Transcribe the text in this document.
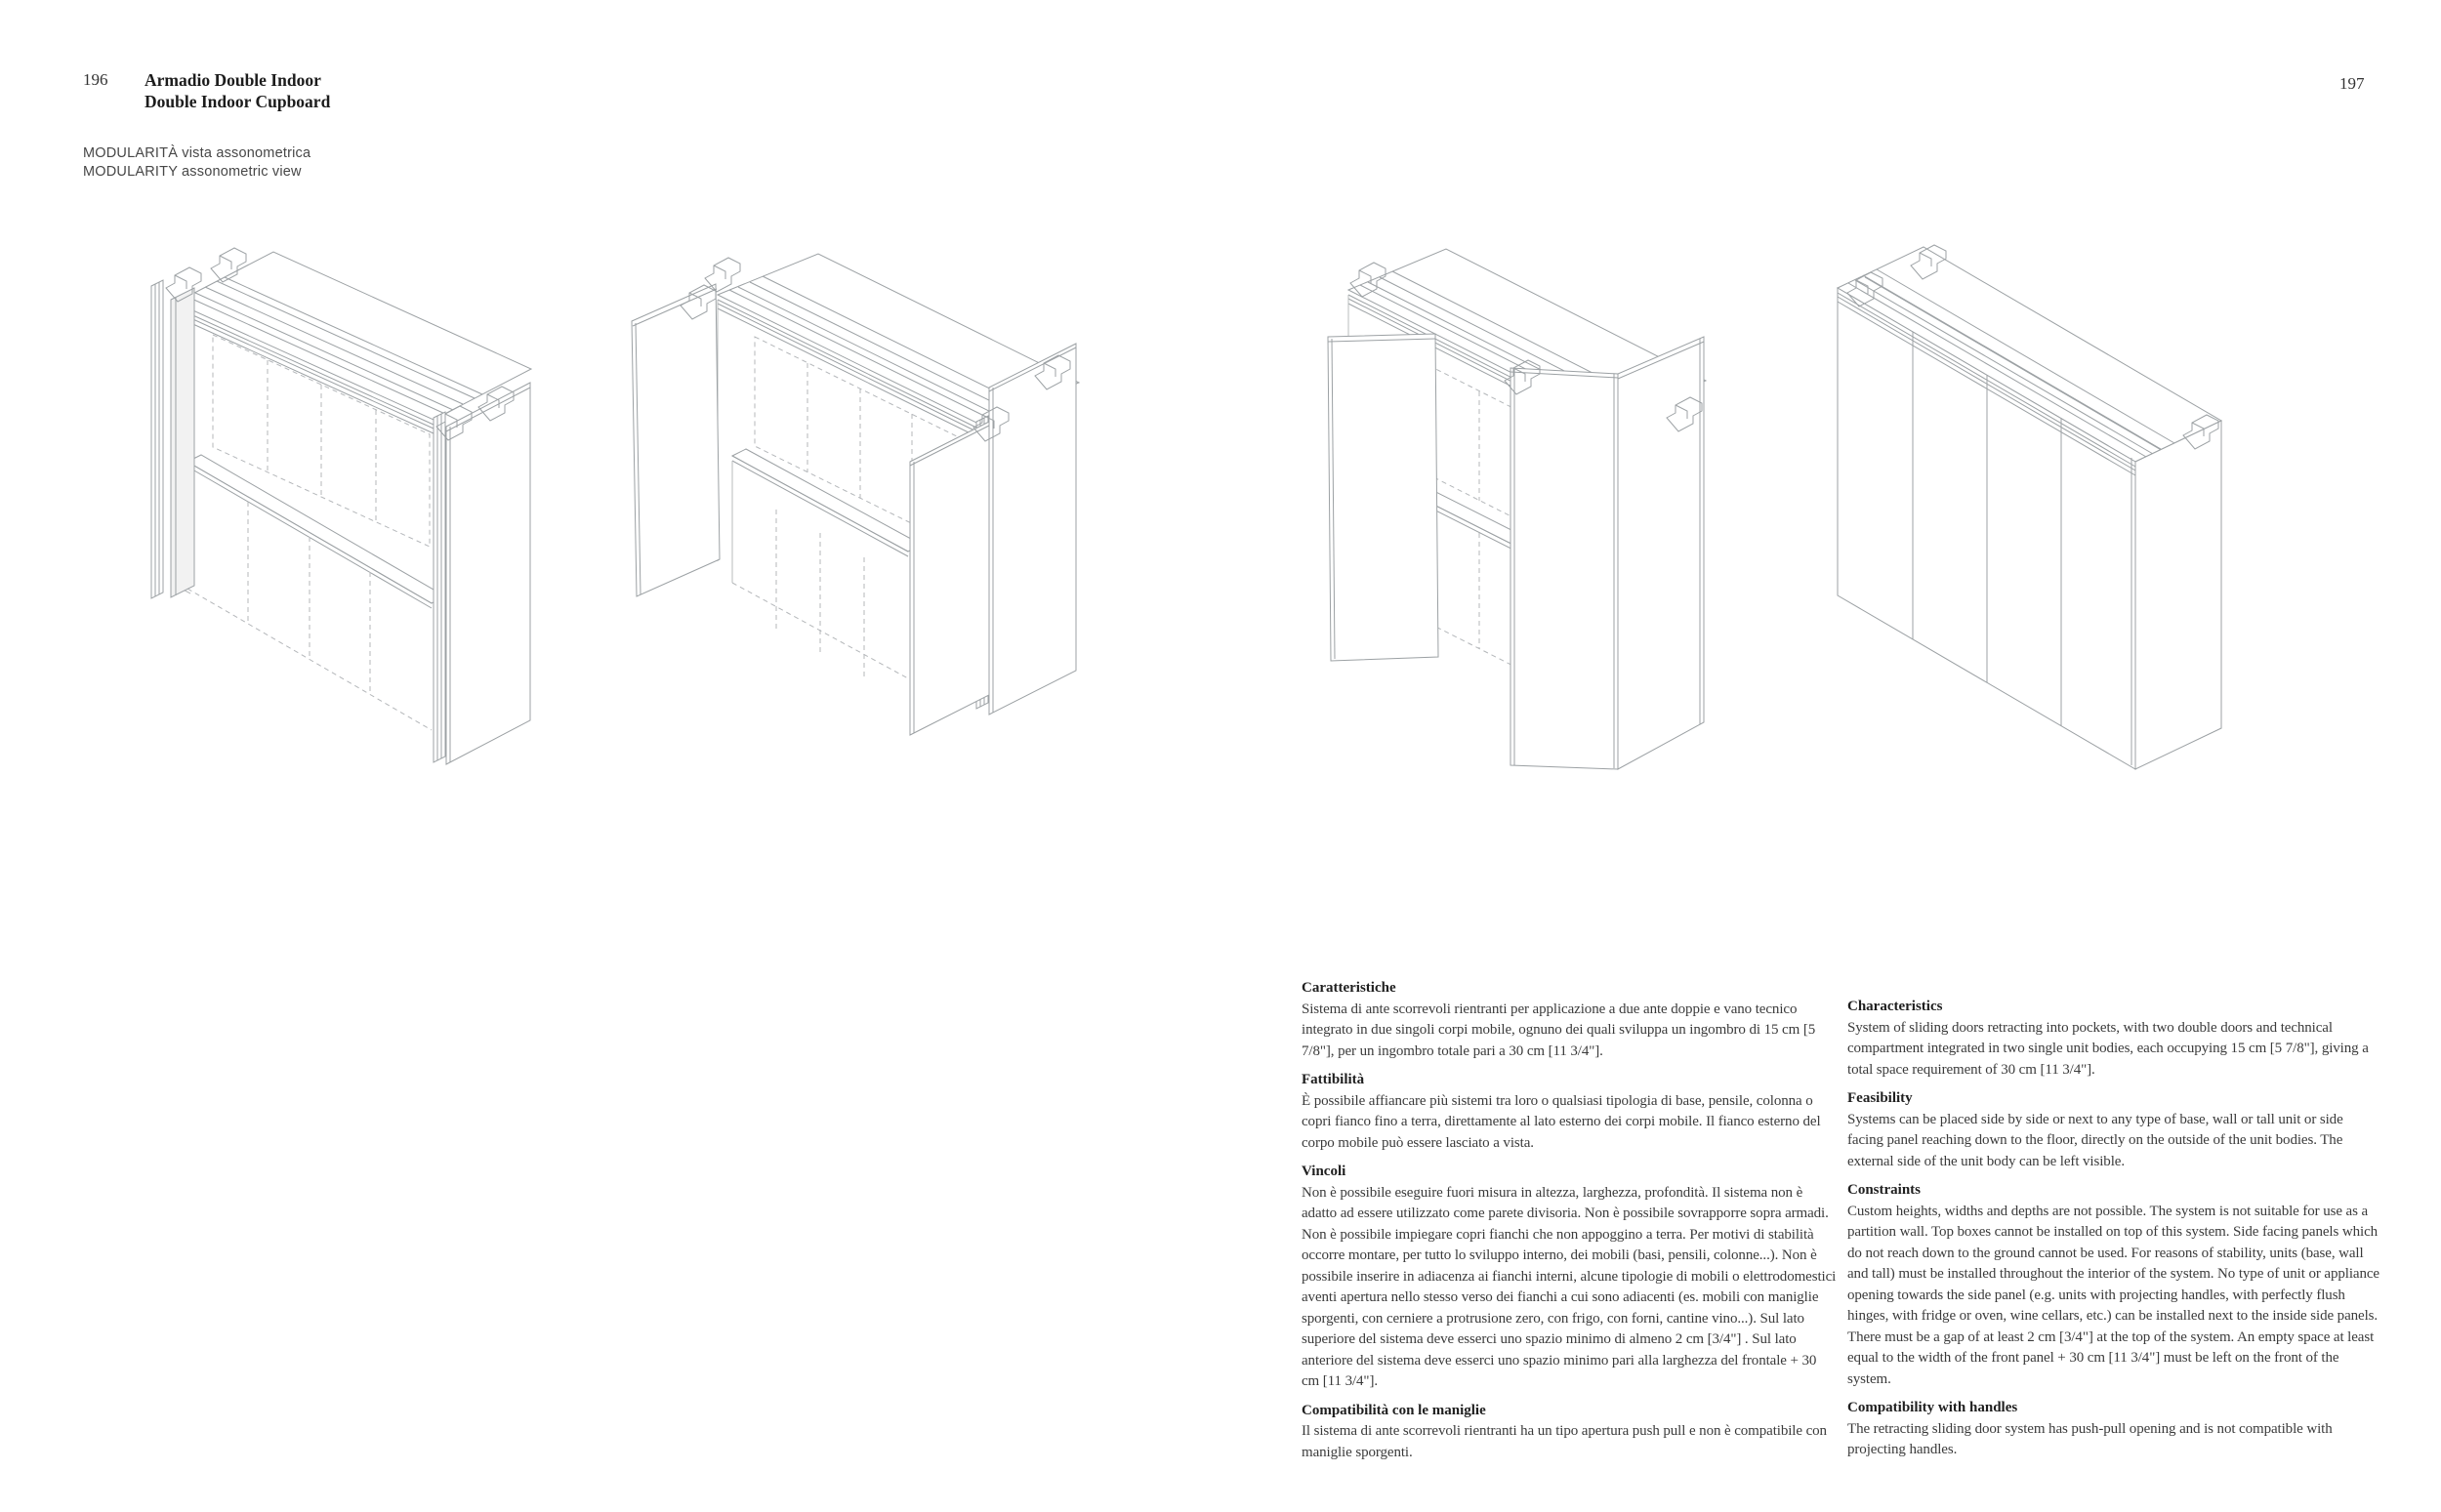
196 Armadio Double Indoor
Double Indoor Cupboard
MODULARITÀ vista assonometrica
MODULARITY assonometric view
197
Caratteristiche

Sistema di ante scorrevoli rientranti per applicazione a due ante doppie e vano tecnico integrato in due singoli corpi mobile, ognuno dei quali sviluppa un ingombro di 15 cm [5 7/8"], per un ingombro totale pari a 30 cm [11 3/4"].

Fattibilità

È possibile affiancare più sistemi tra loro o qualsiasi tipologia di base, pensile, colonna o copri fianco fino a terra, direttamente al lato esterno dei corpi mobile. Il fianco esterno del corpo mobile può essere lasciato a vista.

Vincoli

Non è possibile eseguire fuori misura in altezza, larghezza, profondità. Il sistema non è adatto ad essere utilizzato come parete divisoria. Non è possibile sovrapporre sopra armadi. Non è possibile impiegare copri fianchi che non appoggino a terra. Per motivi di stabilità occorre montare, per tutto lo sviluppo interno, dei mobili (basi, pensili, colonne...). Non è possibile inserire in adiacenza ai fianchi interni, alcune tipologie di mobili o elettrodomestici aventi apertura nello stesso verso dei fianchi a cui sono adiacenti (es. mobili con maniglie sporgenti, con cerniere a protrusione zero, con frigo, con forni, cantine vino...). Sul lato superiore del sistema deve esserci uno spazio minimo di almeno 2 cm [3/4"] . Sul lato anteriore del sistema deve esserci uno spazio minimo pari alla larghezza del frontale + 30 cm [11 3/4"].

Compatibilità con le maniglie

Il sistema di ante scorrevoli rientranti ha un tipo apertura push pull e non è compatibile con maniglie sporgenti.

Characteristics

System of sliding doors retracting into pockets, with two double doors and technical compartment integrated in two single unit bodies, each occupying 15 cm [5 7/8"], giving a total space requirement of 30 cm [11 3/4"].

Feasibility

Systems can be placed side by side or next to any type of base, wall or tall unit or side facing panel reaching down to the floor, directly on the outside of the unit bodies. The external side of the unit body can be left visible.

Constraints

Custom heights, widths and depths are not possible. The system is not suitable for use as a partition wall. Top boxes cannot be installed on top of this system. Side facing panels which do not reach down to the ground cannot be used. For reasons of stability, units (base, wall and tall) must be installed throughout the interior of the system. No type of unit or appliance opening towards the side panel (e.g. units with projecting handles, with perfectly flush hinges, with fridge or oven, wine cellars, etc.) can be installed next to the inside side panels. There must be a gap of at least 2 cm [3/4"] at the top of the system. An empty space at least equal to the width of the front panel + 30 cm [11 3/4"] must be left on the front of the system.

Compatibility with handles

The retracting sliding door system has push-pull opening and is not compatible with projecting handles.
